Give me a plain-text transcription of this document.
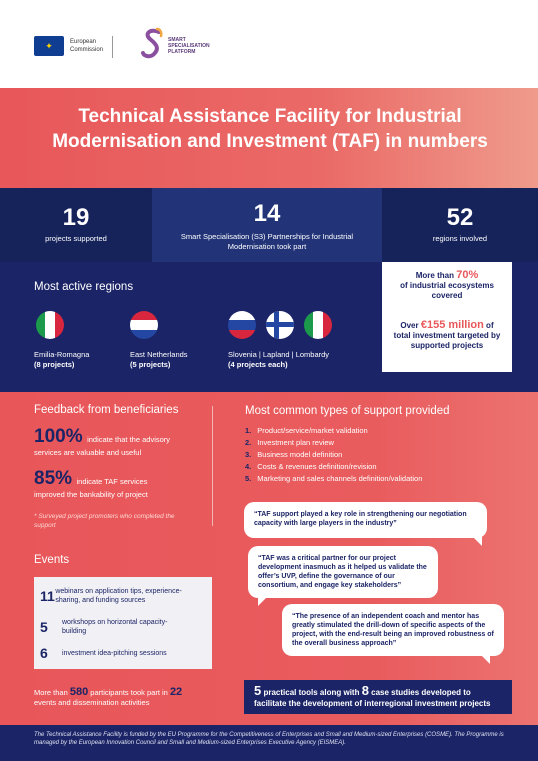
✦	European Commission
SMART SPECIALISATION PLATFORM
Technical Assistance Facility for Industrial Modernisation and Investment (TAF) in numbers
19
projects supported
14
Smart Specialisation (S3) Partnerships for Industrial Modernisation took part
52
regions involved
Most active regions
Emilia-Romagna
(8 projects)
East Netherlands
(5 projects)
Slovenia | Lapland | Lombardy
(4 projects each)
More than 70%
of industrial ecosystems covered
Over €155 million of
total investment targeted by supported projects
Feedback from beneficiaries
100% indicate that the advisory
services are valuable and useful
85% indicate TAF services
improved the bankability of project
* Surveyed project promoters who completed the support
Events
11 webinars on application tips, experience-sharing, and funding sources
5	workshops on horizontal capacity-building
6	investment idea-pitching sessions
More than 580 participants took part in 22
events and dissemination activities
Most common types of support provided
1. Product/service/market validation
2. Investment plan review
3. Business model definition
4. Costs & revenues definition/revision
5. Marketing and sales channels definition/validation
“TAF support played a key role in strengthening our negotiation capacity with large players in the industry”
“TAF was a critical partner for our project development inasmuch as it helped us validate the offer’s UVP, define the governance of our consortium, and engage key stakeholders”
“The presence of an independent coach and mentor has greatly stimulated the drill-down of specific aspects of the project, with the end-result being an improved robustness of the overall business approach”
5 practical tools along with 8 case studies developed to facilitate the development of interregional investment projects
The Technical Assistance Facility is funded by the EU Programme for the Competitiveness of Enterprises and Small and Medium-sized Enterprises (COSME). The Programme is managed by the European Innovation Council and Small and Medium-sized Enterprises Executive Agency (EISMEA).
